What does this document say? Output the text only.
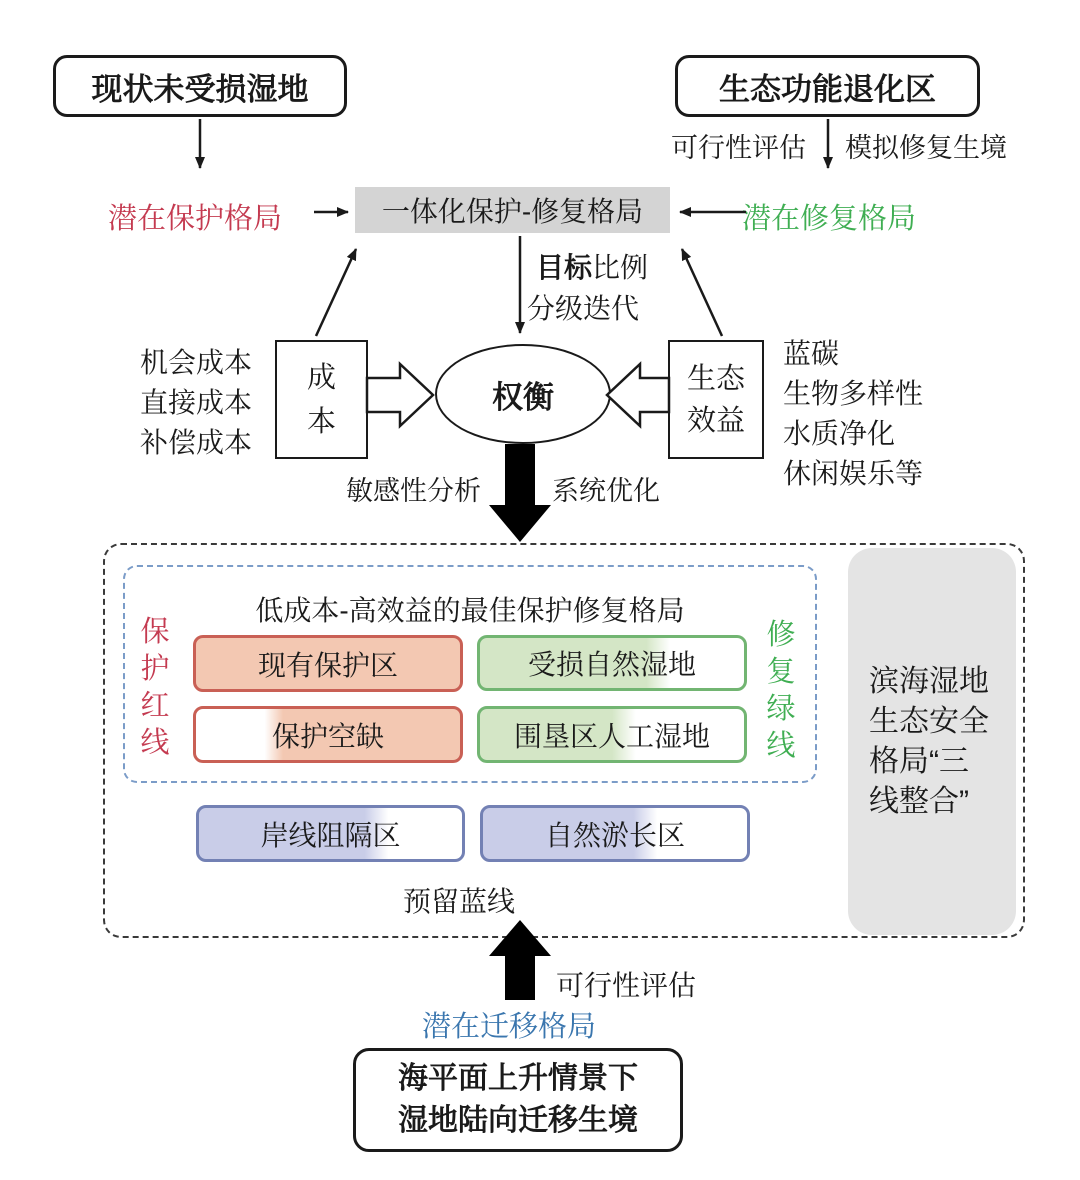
现状未受损湿地	生态功能退化区
可行性评估 模拟修复生境
潜在保护格局	一体化保护-修复格局	潜在修复格局
目标比例
分级迭代
机会成本
直接成本
补偿成本
成本
权衡
生态效益
蓝碳
生物多样性
水质净化
休闲娱乐等
敏感性分析	系统优化
滨海湿地生态安全格局“三线整合”
低成本-高效益的最佳保护修复格局
保护红线
修复绿线
现有保护区	受损自然湿地
保护空缺	围垦区人工湿地
岸线阻隔区	自然淤长区
预留蓝线
可行性评估
潜在迁移格局
海平面上升情景下
湿地陆向迁移生境
